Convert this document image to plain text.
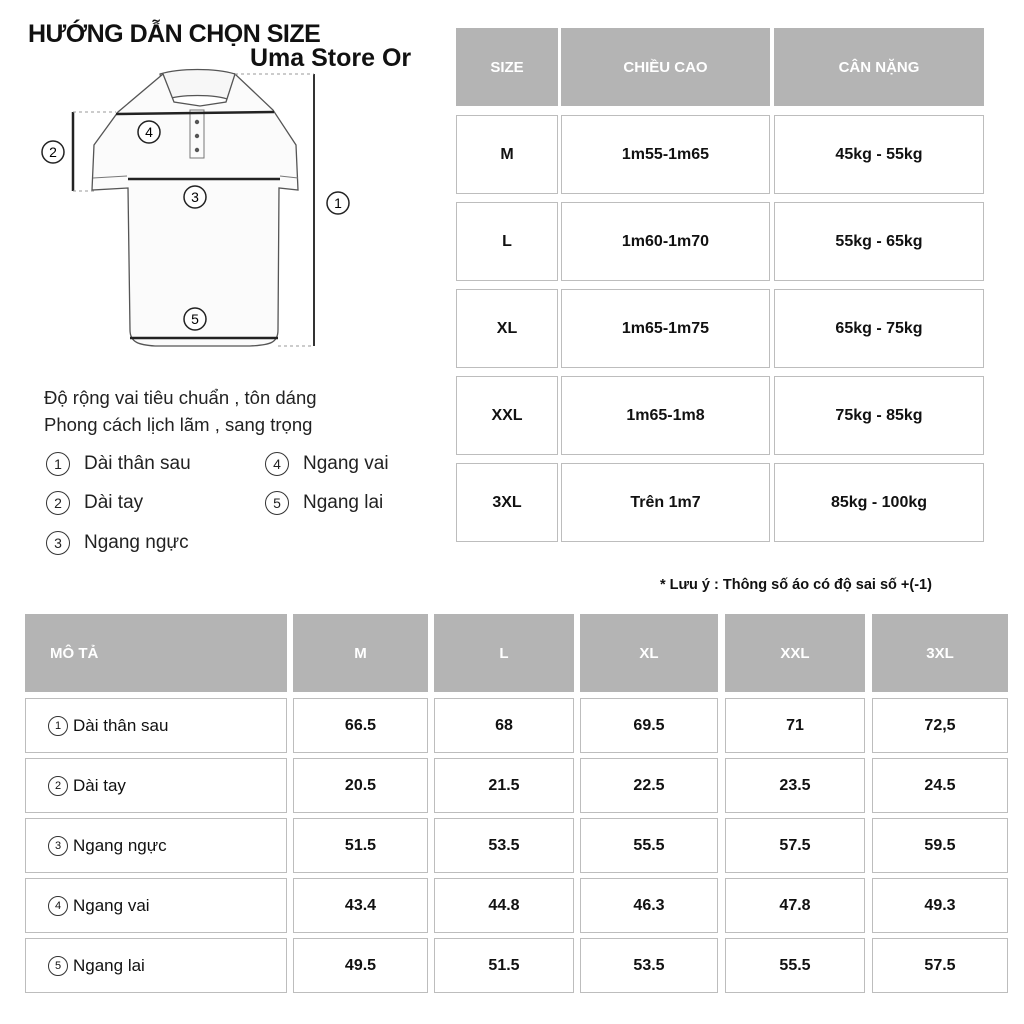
HƯỚNG DẪN CHỌN SIZE
Uma Store Or
4
2
3	1
5
Độ rộng vai tiêu chuẩn , tôn dáng
Phong cách lịch lãm , sang trọng
1	Dài thân sau
2	Dài tay
3	Ngang ngực
4	Ngang vai
5	Ngang lai
SIZE	CHIỀU CAO	CÂN NẶNG
M	1m55-1m65	45kg - 55kg
L	1m60-1m70	55kg - 65kg
XL	1m65-1m75	65kg - 75kg
XXL	1m65-1m8	75kg - 85kg
3XL	Trên 1m7	85kg - 100kg
* Lưu ý : Thông số áo có độ sai số +(-1)
MÔ TẢ	M	L	XL	XXL	3XL
1 Dài thân sau	66.5	68	69.5	71	72,5
2 Dài tay	20.5	21.5	22.5	23.5	24.5
3 Ngang ngực	51.5	53.5	55.5	57.5	59.5
4 Ngang vai	43.4	44.8	46.3	47.8	49.3
5 Ngang lai	49.5	51.5	53.5	55.5	57.5
